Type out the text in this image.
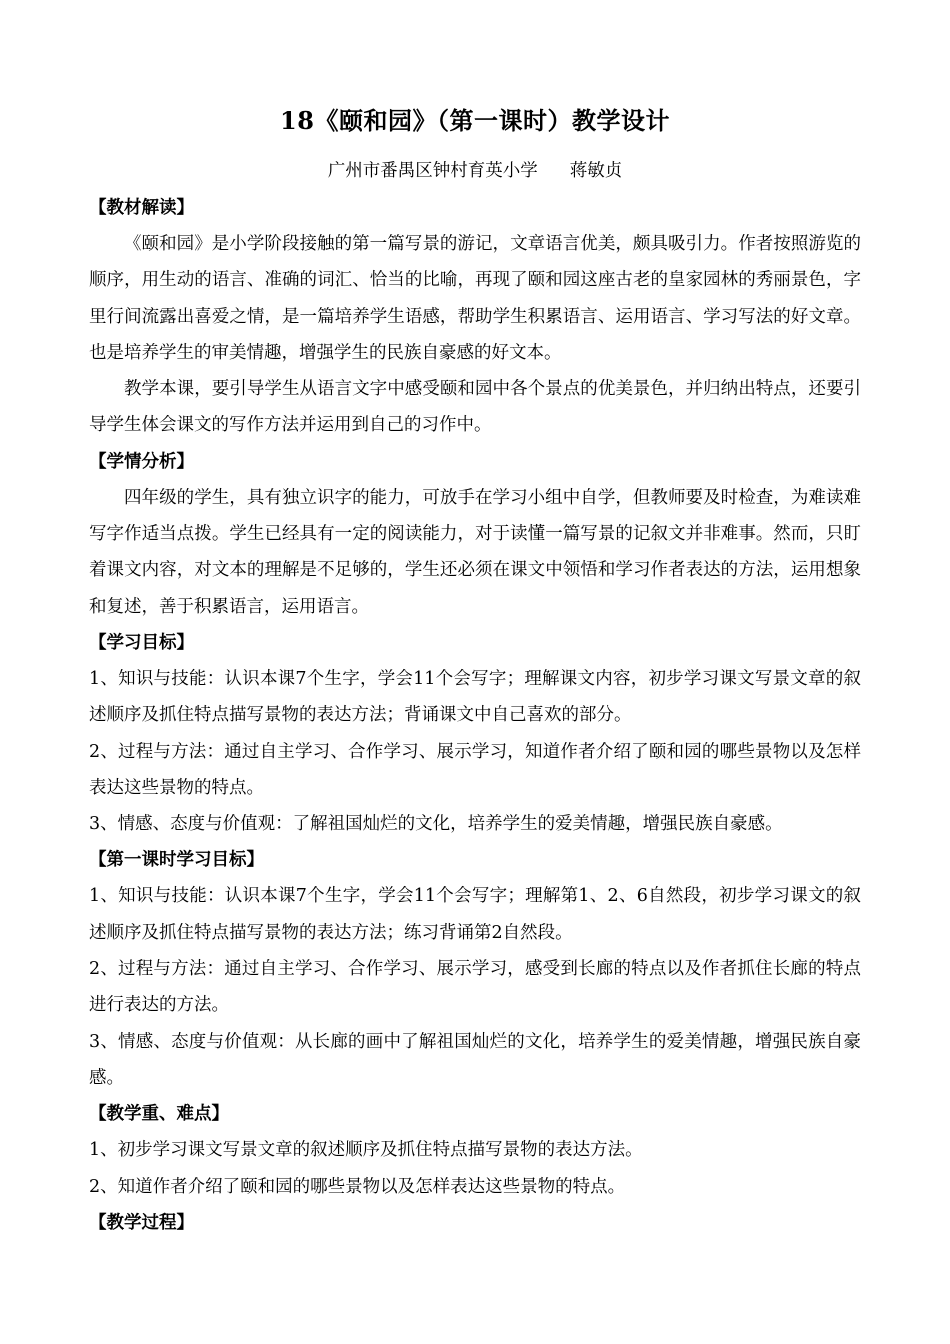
18《颐和园》（第一课时）教学设计
广州市番禺区钟村育英小学 蒋敏贞

【教材解读】

《颐和园》是小学阶段接触的第一篇写景的游记，文章语言优美，颇具吸引力。作者按照游览的顺序，用生动的语言、准确的词汇、恰当的比喻，再现了颐和园这座古老的皇家园林的秀丽景色，字里行间流露出喜爱之情，是一篇培养学生语感，帮助学生积累语言、运用语言、学习写法的好文章。也是培养学生的审美情趣，增强学生的民族自豪感的好文本。

教学本课，要引导学生从语言文字中感受颐和园中各个景点的优美景色，并归纳出特点，还要引导学生体会课文的写作方法并运用到自己的习作中。

【学情分析】

四年级的学生，具有独立识字的能力，可放手在学习小组中自学，但教师要及时检查，为难读难写字作适当点拨。学生已经具有一定的阅读能力，对于读懂一篇写景的记叙文并非难事。然而，只盯着课文内容，对文本的理解是不足够的，学生还必须在课文中领悟和学习作者表达的方法，运用想象和复述，善于积累语言，运用语言。

【学习目标】

1、知识与技能：认识本课7个生字，学会11个会写字；理解课文内容，初步学习课文写景文章的叙述顺序及抓住特点描写景物的表达方法；背诵课文中自己喜欢的部分。

2、过程与方法：通过自主学习、合作学习、展示学习，知道作者介绍了颐和园的哪些景物以及怎样表达这些景物的特点。

3、情感、态度与价值观：了解祖国灿烂的文化，培养学生的爱美情趣，增强民族自豪感。

【第一课时学习目标】

1、知识与技能：认识本课7个生字，学会11个会写字；理解第1、2、6自然段，初步学习课文的叙述顺序及抓住特点描写景物的表达方法；练习背诵第2自然段。

2、过程与方法：通过自主学习、合作学习、展示学习，感受到长廊的特点以及作者抓住长廊的特点进行表达的方法。

3、情感、态度与价值观：从长廊的画中了解祖国灿烂的文化，培养学生的爱美情趣，增强民族自豪感。

【教学重、难点】

1、初步学习课文写景文章的叙述顺序及抓住特点描写景物的表达方法。

2、知道作者介绍了颐和园的哪些景物以及怎样表达这些景物的特点。

【教学过程】
